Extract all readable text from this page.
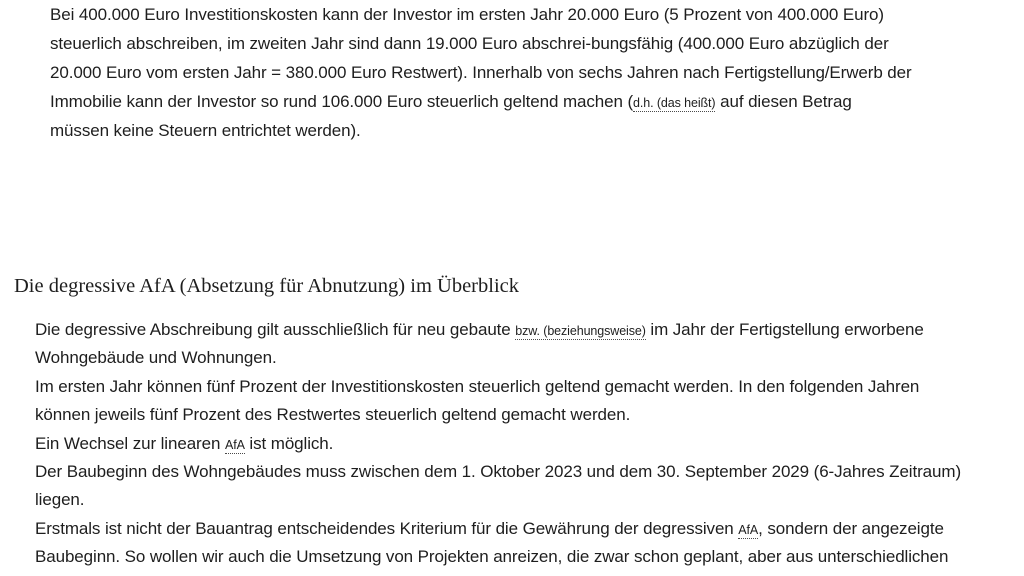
Bei 400.000 Euro Investitionskosten kann der Investor im ersten Jahr 20.000 Euro (5 Prozent von 400.000 Euro)
steuerlich abschreiben, im zweiten Jahr sind dann 19.000 Euro abschrei-bungsfähig (400.000 Euro abzüglich der
20.000 Euro vom ersten Jahr = 380.000 Euro Restwert). Innerhalb von sechs Jahren nach Fertigstellung/Erwerb der
Immobilie kann der Investor so rund 106.000 Euro steuerlich geltend machen (d.h. (das heißt) auf diesen Betrag
müssen keine Steuern entrichtet werden).
Die degressive AfA (Absetzung für Abnutzung) im Überblick
Die degressive Abschreibung gilt ausschließlich für neu gebaute bzw. (beziehungsweise) im Jahr der Fertigstellung erworbene
Wohngebäude und Wohnungen.
Im ersten Jahr können fünf Prozent der Investitionskosten steuerlich geltend gemacht werden. In den folgenden Jahren
können jeweils fünf Prozent des Restwertes steuerlich geltend gemacht werden.
Ein Wechsel zur linearen AfA ist möglich.
Der Baubeginn des Wohngebäudes muss zwischen dem 1. Oktober 2023 und dem 30. September 2029 (6-Jahres Zeitraum)
liegen.
Erstmals ist nicht der Bauantrag entscheidendes Kriterium für die Gewährung der degressiven AfA, sondern der angezeigte
Baubeginn. So wollen wir auch die Umsetzung von Projekten anreizen, die zwar schon geplant, aber aus unterschiedlichen
